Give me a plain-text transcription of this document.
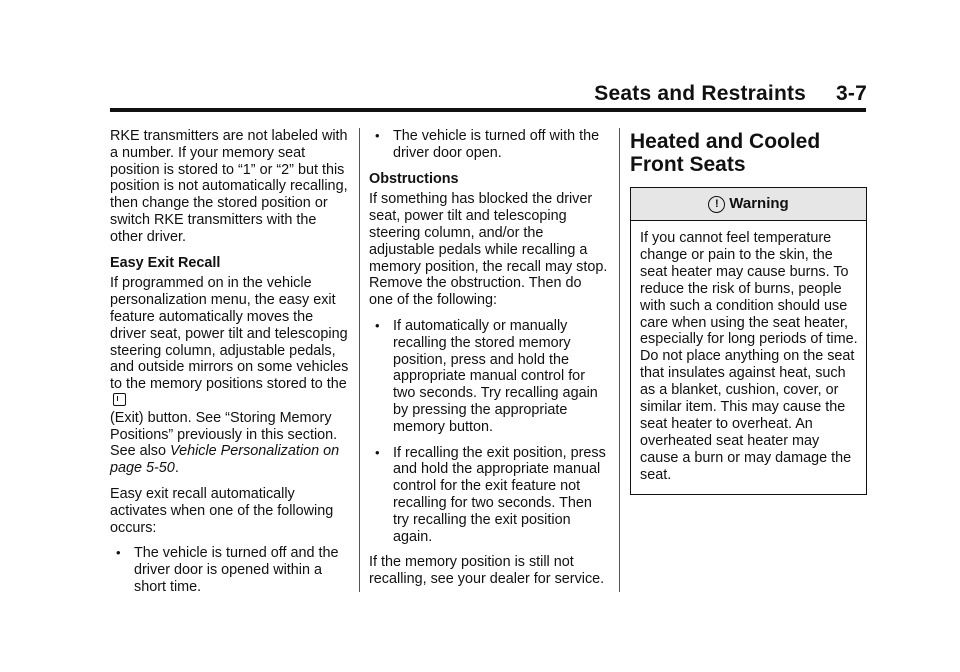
Seats and Restraints 3-7

RKE transmitters are not labeled with a number. If your memory seat position is stored to “1” or “2” but this position is not automatically recalling, then change the stored position or switch RKE transmitters with the other driver.

Easy Exit Recall

If programmed on in the vehicle personalization menu, the easy exit feature automatically moves the driver seat, power tilt and telescoping steering column, adjustable pedals, and outside mirrors on some vehicles to the memory positions stored to the
(Exit) button. See “Storing Memory Positions” previously in this section. See also Vehicle Personalization on page 5-50.

Easy exit recall automatically activates when one of the following occurs:

• The vehicle is turned off and the driver door is opened within a short time.
• The vehicle is turned off with the driver door open.

Obstructions

If something has blocked the driver seat, power tilt and telescoping steering column, and/or the adjustable pedals while recalling a memory position, the recall may stop. Remove the obstruction. Then do one of the following:

• If automatically or manually recalling the stored memory position, press and hold the appropriate manual control for two seconds. Try recalling again by pressing the appropriate memory button.
• If recalling the exit position, press and hold the appropriate manual control for the exit feature not recalling for two seconds. Then try recalling the exit position again.

If the memory position is still not recalling, see your dealer for service.

Heated and Cooled Front Seats
! Warning
If you cannot feel temperature change or pain to the skin, the seat heater may cause burns. To reduce the risk of burns, people with such a condition should use care when using the seat heater, especially for long periods of time. Do not place anything on the seat that insulates against heat, such as a blanket, cushion, cover, or similar item. This may cause the seat heater to overheat. An overheated seat heater may cause a burn or may damage the seat.
